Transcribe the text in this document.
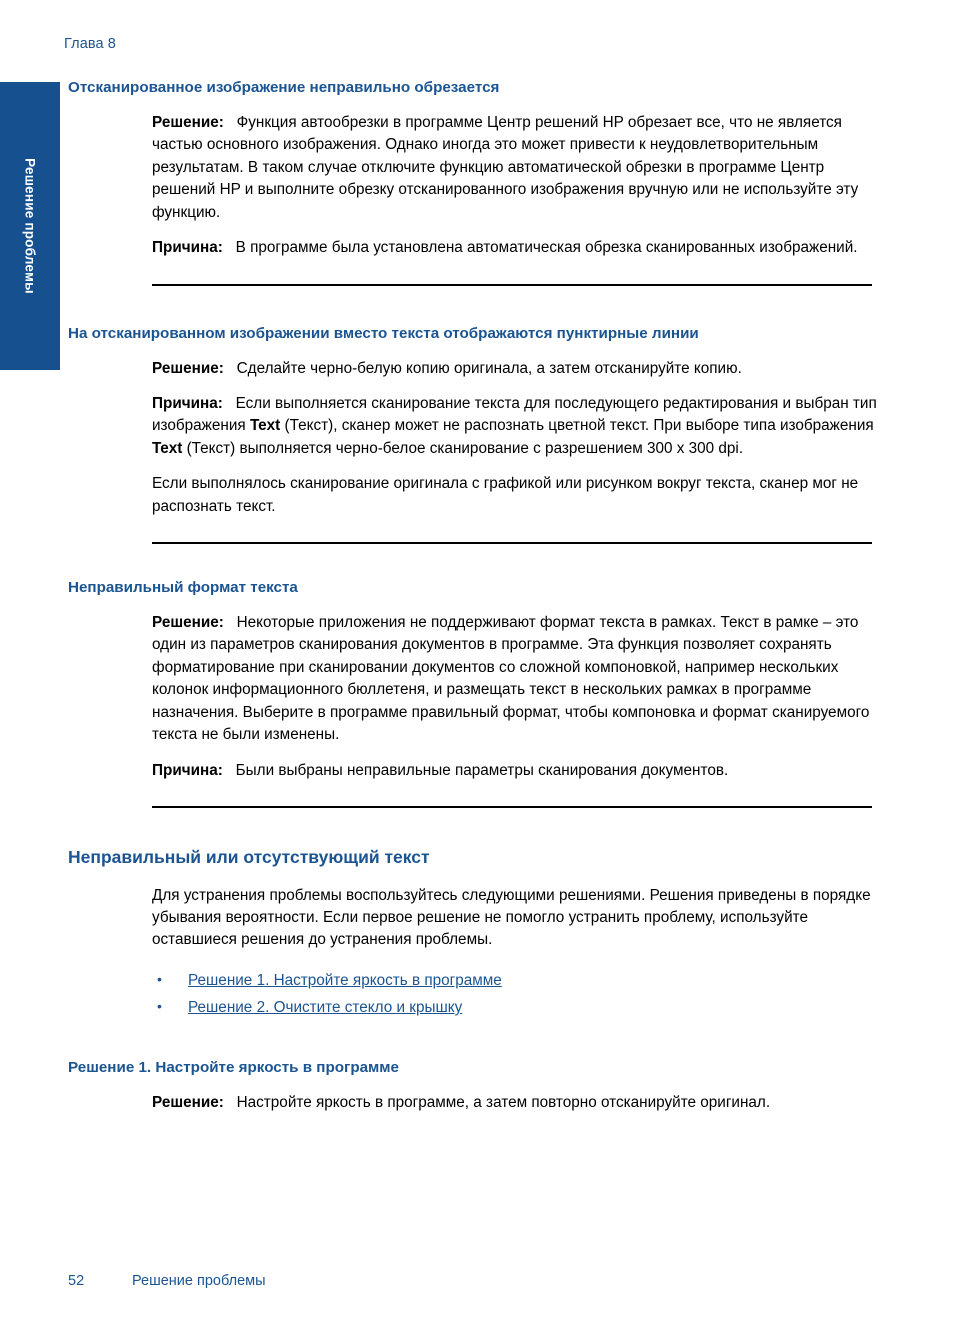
Глава 8
Решение проблемы
Отсканированное изображение неправильно обрезается

Решение: Функция автообрезки в программе Центр решений HP обрезает все, что не является частью основного изображения. Однако иногда это может привести к неудовлетворительным результатам. В таком случае отключите функцию автоматической обрезки в программе Центр решений HP и выполните обрезку отсканированного изображения вручную или не используйте эту функцию.

Причина: В программе была установлена автоматическая обрезка сканированных изображений.

На отсканированном изображении вместо текста отображаются пунктирные линии

Решение: Сделайте черно-белую копию оригинала, а затем отсканируйте копию.

Причина: Если выполняется сканирование текста для последующего редактирования и выбран тип изображения Text (Текст), сканер может не распознать цветной текст. При выборе типа изображения Text (Текст) выполняется черно-белое сканирование с разрешением 300 x 300 dpi.

Если выполнялось сканирование оригинала с графикой или рисунком вокруг текста, сканер мог не распознать текст.

Неправильный формат текста

Решение: Некоторые приложения не поддерживают формат текста в рамках. Текст в рамке – это один из параметров сканирования документов в программе. Эта функция позволяет сохранять форматирование при сканировании документов со сложной компоновкой, например нескольких колонок информационного бюллетеня, и размещать текст в нескольких рамках в программе назначения. Выберите в программе правильный формат, чтобы компоновка и формат сканируемого текста не были изменены.

Причина: Были выбраны неправильные параметры сканирования документов.

Неправильный или отсутствующий текст

Для устранения проблемы воспользуйтесь следующими решениями. Решения приведены в порядке убывания вероятности. Если первое решение не помогло устранить проблему, используйте оставшиеся решения до устранения проблемы.

• Решение 1. Настройте яркость в программе
• Решение 2. Очистите стекло и крышку
Решение 1. Настройте яркость в программе

Решение: Настройте яркость в программе, а затем повторно отсканируйте оригинал.

52	Решение проблемы
